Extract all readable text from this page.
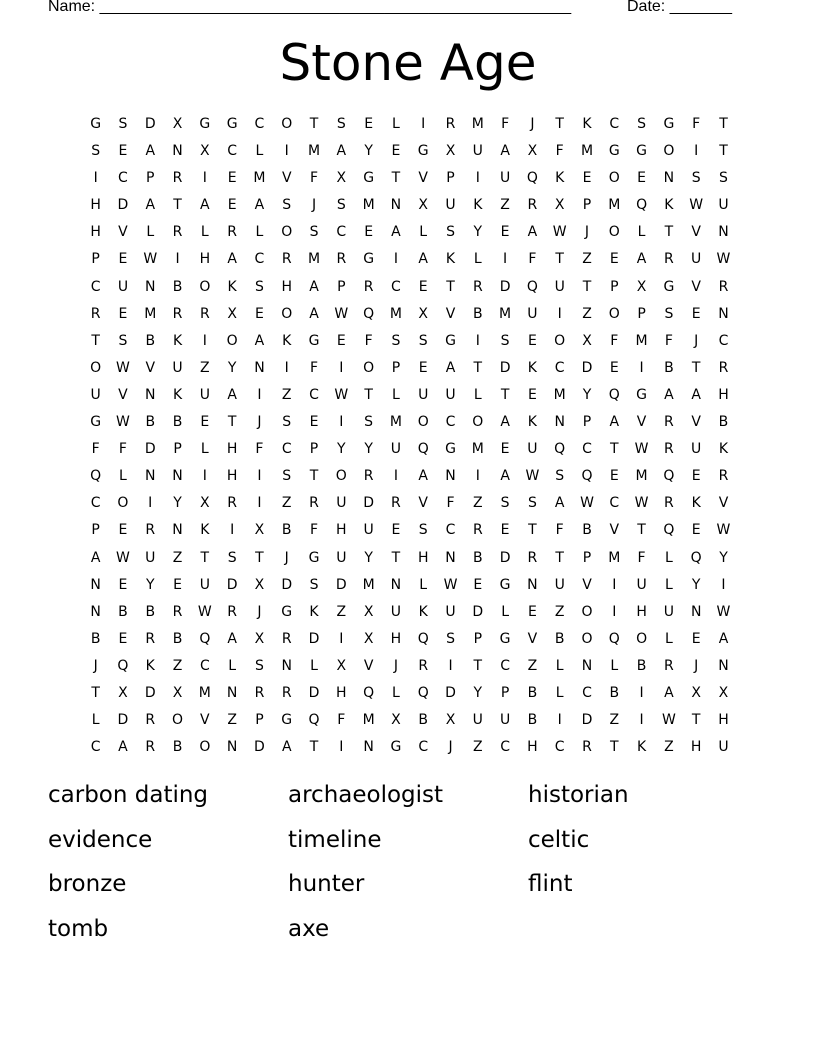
Name: _____________________________________________________	Date: _______
Stone Age
G	S	D	X	G	G	C	O	T	S	E	L	I	R	M	F	J	T	K	C	S	G	F	T
S	E	A	N	X	C	L	I	M	A	Y	E	G	X	U	A	X	F	M	G	G	O	I	T
I	C	P	R	I	E	M	V	F	X	G	T	V	P	I	U	Q	K	E	O	E	N	S	S
H	D	A	T	A	E	A	S	J	S	M	N	X	U	K	Z	R	X	P	M	Q	K	W	U
H	V	L	R	L	R	L	O	S	C	E	A	L	S	Y	E	A	W	J	O	L	T	V	N
P	E	W	I	H	A	C	R	M	R	G	I	A	K	L	I	F	T	Z	E	A	R	U	W
C	U	N	B	O	K	S	H	A	P	R	C	E	T	R	D	Q	U	T	P	X	G	V	R
R	E	M	R	R	X	E	O	A	W	Q	M	X	V	B	M	U	I	Z	O	P	S	E	N
T	S	B	K	I	O	A	K	G	E	F	S	S	G	I	S	E	O	X	F	M	F	J	C
O	W	V	U	Z	Y	N	I	F	I	O	P	E	A	T	D	K	C	D	E	I	B	T	R
U	V	N	K	U	A	I	Z	C	W	T	L	U	U	L	T	E	M	Y	Q	G	A	A	H
G	W	B	B	E	T	J	S	E	I	S	M	O	C	O	A	K	N	P	A	V	R	V	B
F	F	D	P	L	H	F	C	P	Y	Y	U	Q	G	M	E	U	Q	C	T	W	R	U	K
Q	L	N	N	I	H	I	S	T	O	R	I	A	N	I	A	W	S	Q	E	M	Q	E	R
C	O	I	Y	X	R	I	Z	R	U	D	R	V	F	Z	S	S	A	W	C	W	R	K	V
P	E	R	N	K	I	X	B	F	H	U	E	S	C	R	E	T	F	B	V	T	Q	E	W
A	W	U	Z	T	S	T	J	G	U	Y	T	H	N	B	D	R	T	P	M	F	L	Q	Y
N	E	Y	E	U	D	X	D	S	D	M	N	L	W	E	G	N	U	V	I	U	L	Y	I
N	B	B	R	W	R	J	G	K	Z	X	U	K	U	D	L	E	Z	O	I	H	U	N	W
B	E	R	B	Q	A	X	R	D	I	X	H	Q	S	P	G	V	B	O	Q	O	L	E	A
J	Q	K	Z	C	L	S	N	L	X	V	J	R	I	T	C	Z	L	N	L	B	R	J	N
T	X	D	X	M	N	R	R	D	H	Q	L	Q	D	Y	P	B	L	C	B	I	A	X	X
L	D	R	O	V	Z	P	G	Q	F	M	X	B	X	U	U	B	I	D	Z	I	W	T	H
C	A	R	B	O	N	D	A	T	I	N	G	C	J	Z	C	H	C	R	T	K	Z	H	U
carbon dating	archaeologist	historian
evidence	timeline	celtic
bronze	hunter	flint
tomb	axe
